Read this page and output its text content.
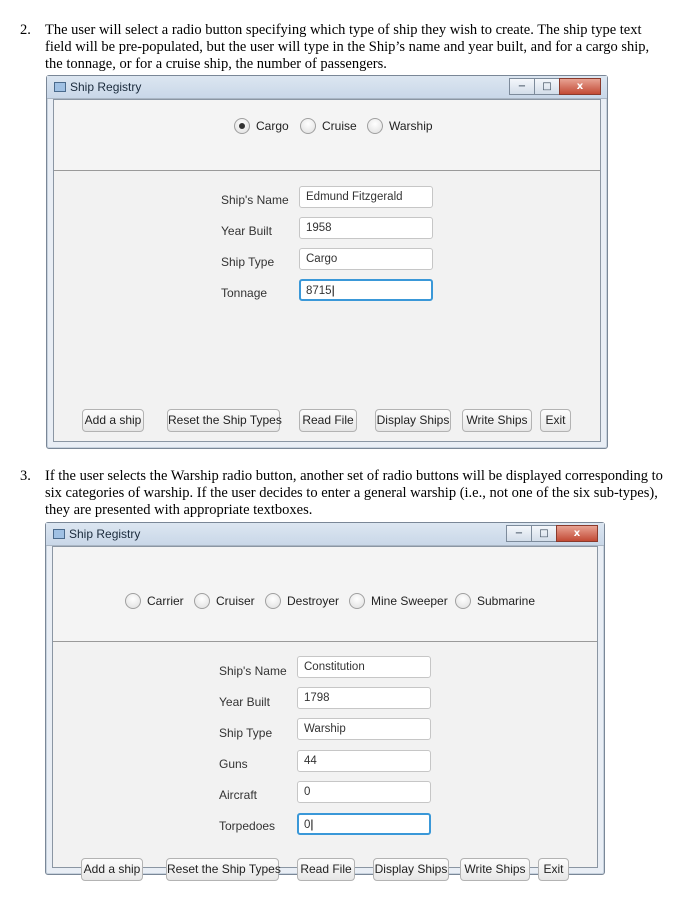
2. The user will select a radio button specifying which type of ship they wish to create. The ship type text field will be pre-populated, but the user will type in the Ship’s name and year built, and for a cargo ship, the tonnage, or for a cruise ship, the number of passengers.
Ship Registry	−	□	x
Cargo	Cruise	Warship
Ship's Name	Edmund Fitzgerald
Year Built	1958
Ship Type	Cargo
Tonnage	8715 |
Add a ship Reset the Ship Types Read File Display Ships	Write Ships	Exit
3. If the user selects the Warship radio button, another set of radio buttons will be displayed corresponding to six categories of warship. If the user decides to enter a general warship (i.e., not one of the six sub-types), they are presented with appropriate textboxes.
Ship Registry	−	□	x
Carrier	Cruiser	Destroyer	Mine Sweeper Submarine
Ship's Name	Constitution
Year Built	1798
Ship Type	Warship
Guns	44
Aircraft	0
Torpedoes	0 |
Add a ship Reset the Ship Types Read File Display Ships	Write Ships	Exit
